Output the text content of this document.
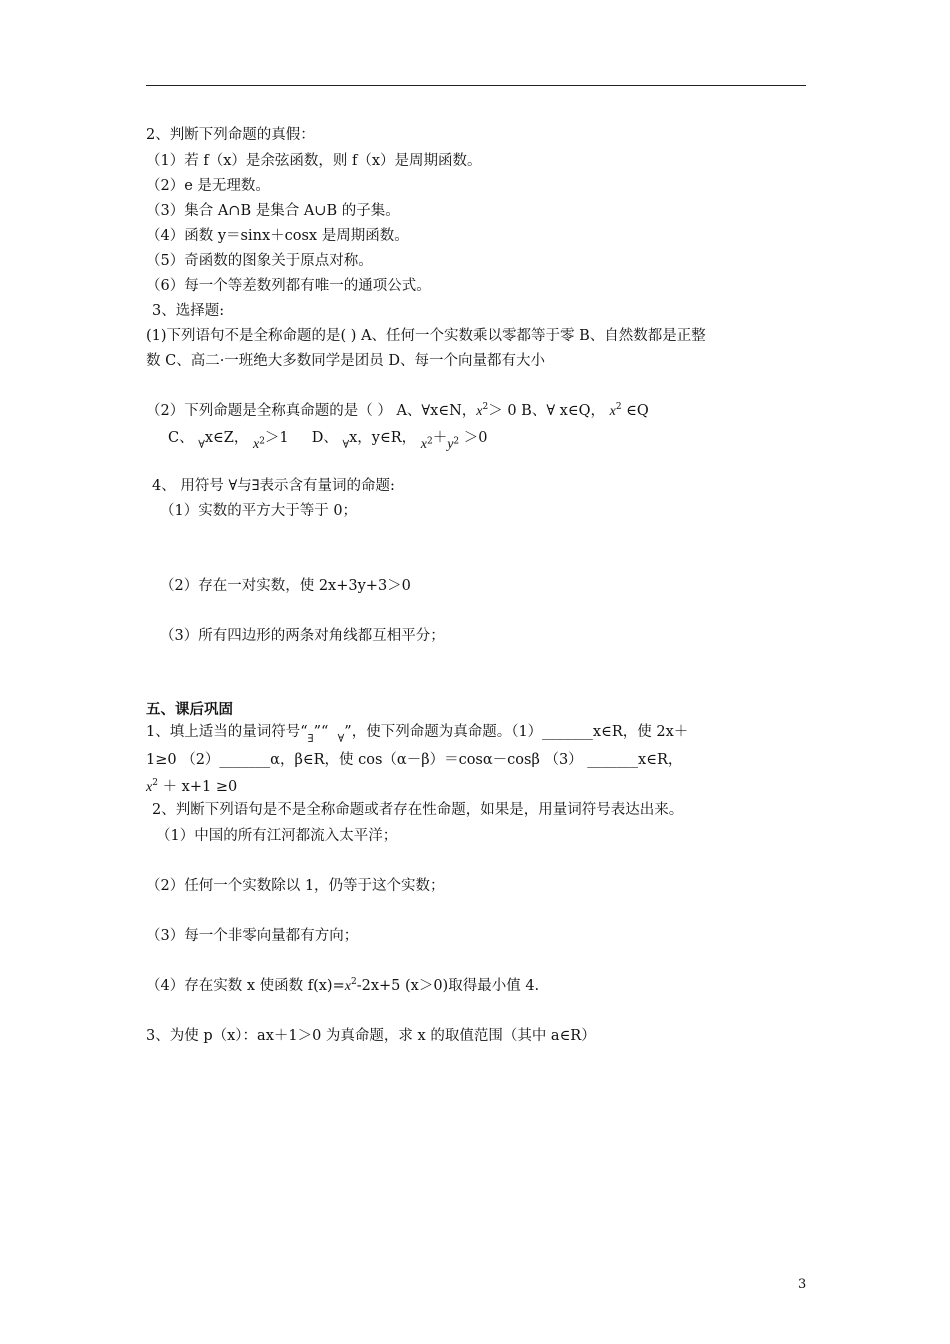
2、判断下列命题的真假：
（1）若 f（x）是余弦函数，则 f（x）是周期函数。
（2）e 是无理数。
（3）集合 A∩B 是集合 A∪B 的子集。
（4）函数 y＝sinx＋cosx 是周期函数。
（5）奇函数的图象关于原点对称。
（6）每一个等差数列都有唯一的通项公式。
3、选择题:
(1)下列语句不是全称命题的是( ) A、任何一个实数乘以零都等于零 B、自然数都是正整
数 C、高二·一班绝大多数同学是团员 D、每一个向量都有大小
（2）下列命题是全称真命题的是（ ） A、∀x∈N，$x^2> 0$ B、∀ x∈Q， $x^2$ ∈Q
C、 $_\forall$x∈Z， $_{x^2}$＞1 D、 $_\forall$x，y∈R， $_{x^2}+_{y^2} >0$
4、 用符号 ∀与∃表示含有量词的命题:
（1）实数的平方大于等于 0；
（2）存在一对实数，使 2x+3y+3＞0
（3）所有四边形的两条对角线都互相平分；
五、课后巩固
1、填上适当的量词符号“$_\exists”“$ $_\forall$”，使下列命题为真命题。（1）_______x∈R，使 2x＋
1≥0 （2）_______α，β∈R，使 cos（α－β）＝cosα－cosβ （3） _______x∈R，
$x^2 + x+1 \ge 0$
2、判断下列语句是不是全称命题或者存在性命题，如果是，用量词符号表达出来。
（1）中国的所有江河都流入太平洋；
（2）任何一个实数除以 1，仍等于这个实数；
（3）每一个非零向量都有方向；
（4）存在实数 x 使函数 $f(x)=x^2-2x+5$ (x＞0)取得最小值 4.
3、为使 p（x）：ax＋1＞0 为真命题，求 x 的取值范围（其中 a∈R）
3
